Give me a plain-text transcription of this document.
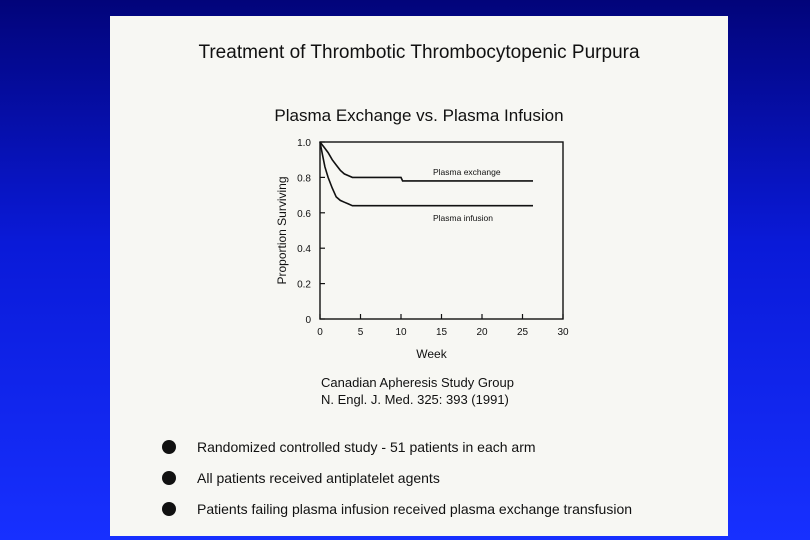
Treatment of Thrombotic Thrombocytopenic Purpura
Plasma Exchange vs. Plasma Infusion
0	5	10	15	20	25	30
0
0.2
0.4
0.6
0.8
1.0
Week
Proportion Surviving
Plasma exchange
Plasma infusion
Canadian Apheresis Study Group
N. Engl. J. Med. 325: 393 (1991)
Randomized controlled study - 51 patients in each arm
All patients received antiplatelet agents
Patients failing plasma infusion received plasma exchange transfusion
